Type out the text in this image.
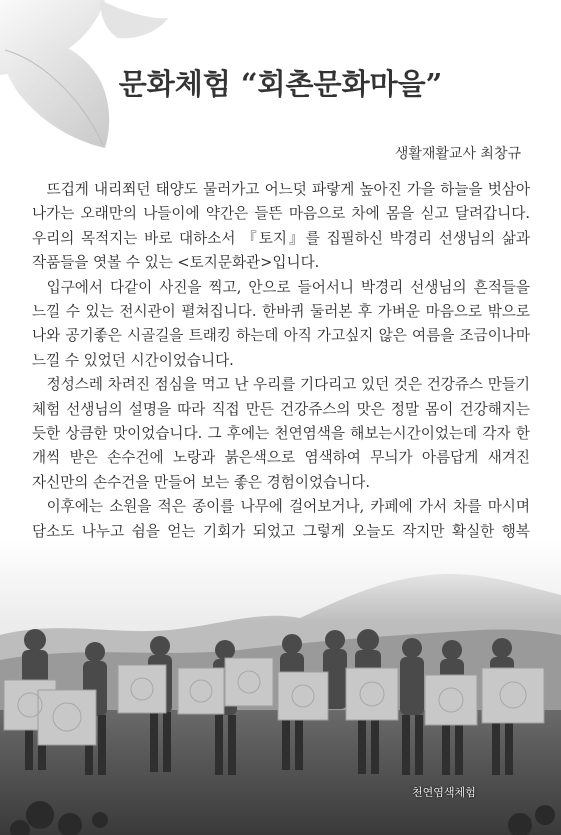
문화체험 “회촌문화마을”
생활재활교사 최창규

뜨겁게 내리쬐던 태양도 물러가고 어느덧 파랗게 높아진 가을 하늘을 벗삼아 나가는 오래만의 나들이에 약간은 들뜬 마음으로 차에 몸을 싣고 달려갑니다. 우리의 목적지는 바로 대하소서 『토지』를 집필하신 박경리 선생님의 삶과 작품들을 엿볼 수 있는 <토지문화관>입니다.

입구에서 다같이 사진을 찍고, 안으로 들어서니 박경리 선생님의 흔적들을 느낄 수 있는 전시관이 펼쳐집니다. 한바퀴 둘러본 후 가벼운 마음으로 밖으로 나와 공기좋은 시골길을 트래킹 하는데 아직 가고싶지 않은 여름을 조금이나마 느낄 수 있었던 시간이었습니다.

정성스레 차려진 점심을 먹고 난 우리를 기다리고 있던 것은 건강쥬스 만들기 체험 선생님의 설명을 따라 직접 만든 건강쥬스의 맛은 정말 몸이 건강해지는 듯한 상큼한 맛이었습니다. 그 후에는 천연염색을 해보는시간이었는데 각자 한 개씩 받은 손수건에 노랑과 붉은색으로 염색하여 무늬가 아름답게 새겨진 자신만의 손수건을 만들어 보는 좋은 경험이었습니다.

이후에는 소원을 적은 종이를 나무에 걸어보거나, 카페에 가서 차를 마시며 담소도 나누고 쉼을 얻는 기회가 되었고 그렇게 오늘도 작지만 확실한 행복

천연염색체험
